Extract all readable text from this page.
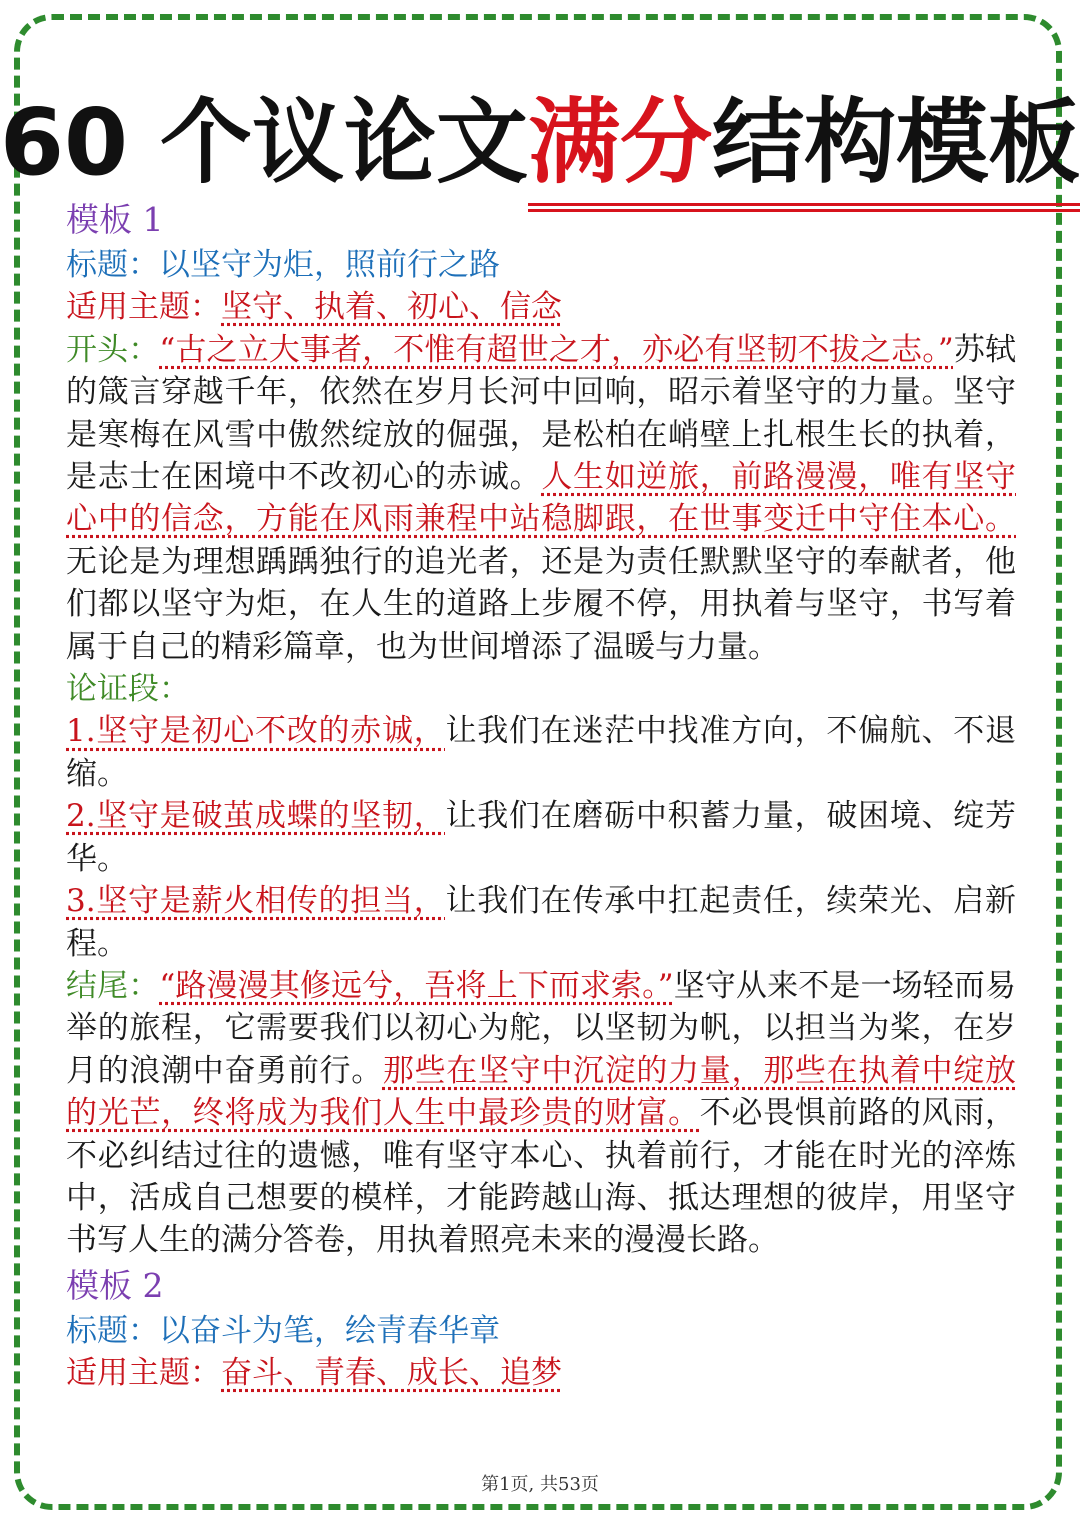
60 个议论文满分结构模板

模板 1

标题：以坚守为炬，照前行之路

适用主题：坚守、执着、初心、信念

开头：“古之立大事者，不惟有超世之才，亦必有坚韧不拔之志。”苏轼的箴言穿越千年，依然在岁月长河中回响，昭示着坚守的力量。坚守是寒梅在风雪中傲然绽放的倔强，是松柏在峭壁上扎根生长的执着，是志士在困境中不改初心的赤诚。人生如逆旅，前路漫漫，唯有坚守心中的信念，方能在风雨兼程中站稳脚跟，在世事变迁中守住本心。无论是为理想踽踽独行的追光者，还是为责任默默坚守的奉献者，他们都以坚守为炬，在人生的道路上步履不停，用执着与坚守，书写着属于自己的精彩篇章，也为世间增添了温暖与力量。

论证段：

1.坚守是初心不改的赤诚，让我们在迷茫中找准方向，不偏航、不退缩。

2.坚守是破茧成蝶的坚韧，让我们在磨砺中积蓄力量，破困境、绽芳华。

3.坚守是薪火相传的担当，让我们在传承中扛起责任，续荣光、启新程。

结尾：“路漫漫其修远兮，吾将上下而求索。”坚守从来不是一场轻而易举的旅程，它需要我们以初心为舵，以坚韧为帆，以担当为桨，在岁月的浪潮中奋勇前行。那些在坚守中沉淀的力量，那些在执着中绽放的光芒，终将成为我们人生中最珍贵的财富。不必畏惧前路的风雨，不必纠结过往的遗憾，唯有坚守本心、执着前行，才能在时光的淬炼中，活成自己想要的模样，才能跨越山海、抵达理想的彼岸，用坚守书写人生的满分答卷，用执着照亮未来的漫漫长路。

模板 2

标题：以奋斗为笔，绘青春华章

适用主题：奋斗、青春、成长、追梦

第1页, 共53页
